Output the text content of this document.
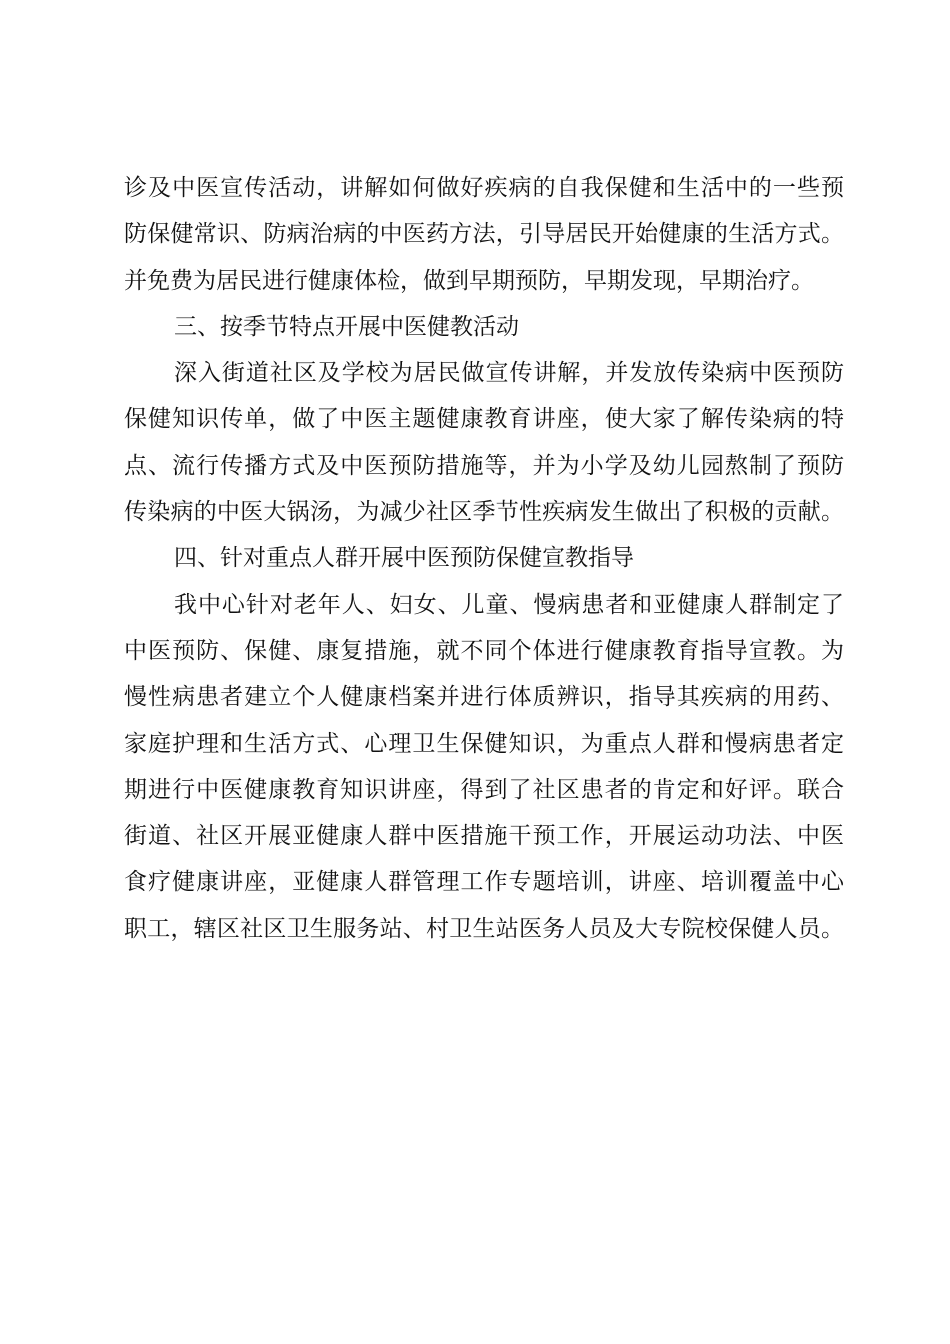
诊及中医宣传活动，讲解如何做好疾病的自我保健和生活中的一些预
防保健常识、防病治病的中医药方法，引导居民开始健康的生活方式。
并免费为居民进行健康体检，做到早期预防，早期发现，早期治疗。
三、按季节特点开展中医健教活动
深入街道社区及学校为居民做宣传讲解，并发放传染病中医预防
保健知识传单，做了中医主题健康教育讲座，使大家了解传染病的特
点、流行传播方式及中医预防措施等，并为小学及幼儿园熬制了预防
传染病的中医大锅汤，为减少社区季节性疾病发生做出了积极的贡献。
四、针对重点人群开展中医预防保健宣教指导
我中心针对老年人、妇女、儿童、慢病患者和亚健康人群制定了
中医预防、保健、康复措施，就不同个体进行健康教育指导宣教。为
慢性病患者建立个人健康档案并进行体质辨识，指导其疾病的用药、
家庭护理和生活方式、心理卫生保健知识，为重点人群和慢病患者定
期进行中医健康教育知识讲座，得到了社区患者的肯定和好评。联合
街道、社区开展亚健康人群中医措施干预工作，开展运动功法、中医
食疗健康讲座，亚健康人群管理工作专题培训，讲座、培训覆盖中心
职工，辖区社区卫生服务站、村卫生站医务人员及大专院校保健人员。
